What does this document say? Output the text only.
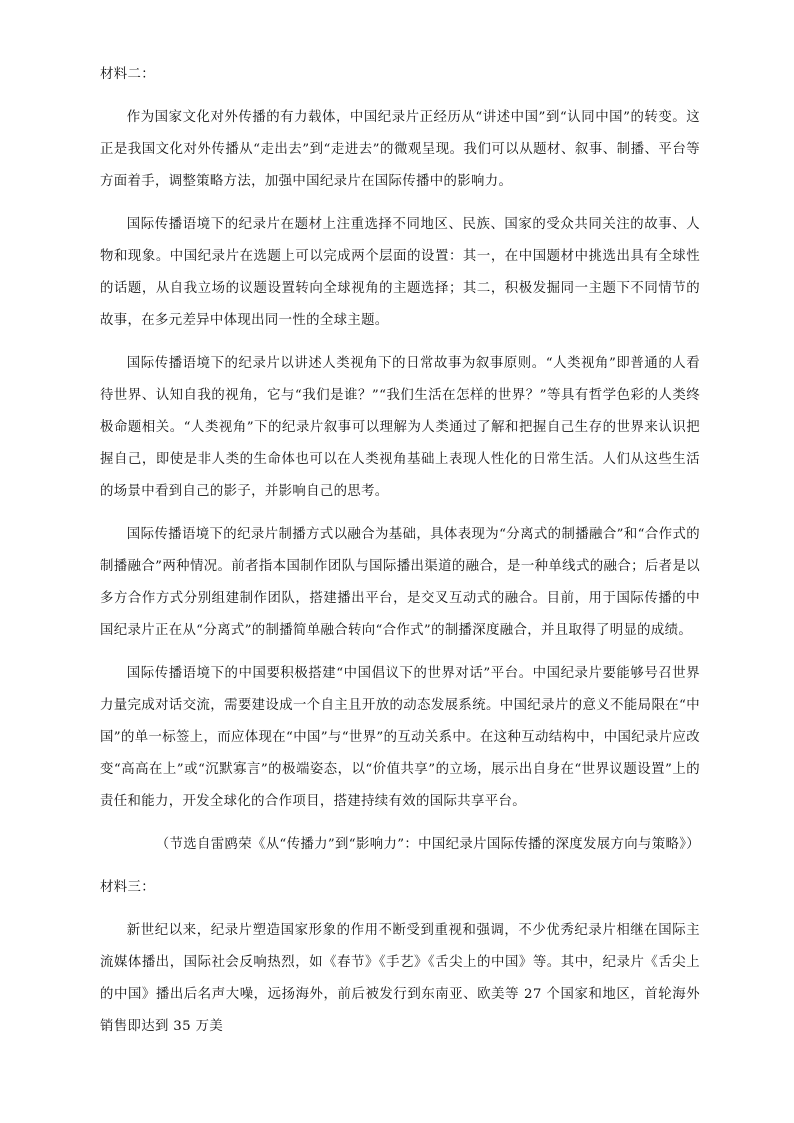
材料二：

作为国家文化对外传播的有力载体，中国纪录片正经历从“讲述中国”到“认同中国”的转变。这正是我国文化对外传播从“走出去”到“走进去”的微观呈现。我们可以从题材、叙事、制播、平台等方面着手，调整策略方法，加强中国纪录片在国际传播中的影响力。

国际传播语境下的纪录片在题材上注重选择不同地区、民族、国家的受众共同关注的故事、人物和现象。中国纪录片在选题上可以完成两个层面的设置：其一，在中国题材中挑选出具有全球性的话题，从自我立场的议题设置转向全球视角的主题选择；其二，积极发掘同一主题下不同情节的故事，在多元差异中体现出同一性的全球主题。

国际传播语境下的纪录片以讲述人类视角下的日常故事为叙事原则。“人类视角”即普通的人看待世界、认知自我的视角，它与“我们是谁？”“我们生活在怎样的世界？”等具有哲学色彩的人类终极命题相关。“人类视角”下的纪录片叙事可以理解为人类通过了解和把握自己生存的世界来认识把握自己，即使是非人类的生命体也可以在人类视角基础上表现人性化的日常生活。人们从这些生活的场景中看到自己的影子，并影响自己的思考。

国际传播语境下的纪录片制播方式以融合为基础，具体表现为“分离式的制播融合”和“合作式的制播融合”两种情况。前者指本国制作团队与国际播出渠道的融合，是一种单线式的融合；后者是以多方合作方式分别组建制作团队，搭建播出平台，是交叉互动式的融合。目前，用于国际传播的中国纪录片正在从“分离式”的制播简单融合转向“合作式”的制播深度融合，并且取得了明显的成绩。

国际传播语境下的中国要积极搭建“中国倡议下的世界对话”平台。中国纪录片要能够号召世界力量完成对话交流，需要建设成一个自主且开放的动态发展系统。中国纪录片的意义不能局限在“中国”的单一标签上，而应体现在“中国”与“世界”的互动关系中。在这种互动结构中，中国纪录片应改变“高高在上”或“沉默寡言”的极端姿态，以“价值共享”的立场，展示出自身在“世界议题设置”上的责任和能力，开发全球化的合作项目，搭建持续有效的国际共享平台。

（节选自雷鸥荣《从“传播力”到“影响力”：中国纪录片国际传播的深度发展方向与策略》）

材料三：

新世纪以来，纪录片塑造国家形象的作用不断受到重视和强调，不少优秀纪录片相继在国际主流媒体播出，国际社会反响热烈，如《春节》《手艺》《舌尖上的中国》等。其中，纪录片《舌尖上的中国》播出后名声大噪，远扬海外，前后被发行到东南亚、欧美等 27 个国家和地区，首轮海外销售即达到 35 万美
